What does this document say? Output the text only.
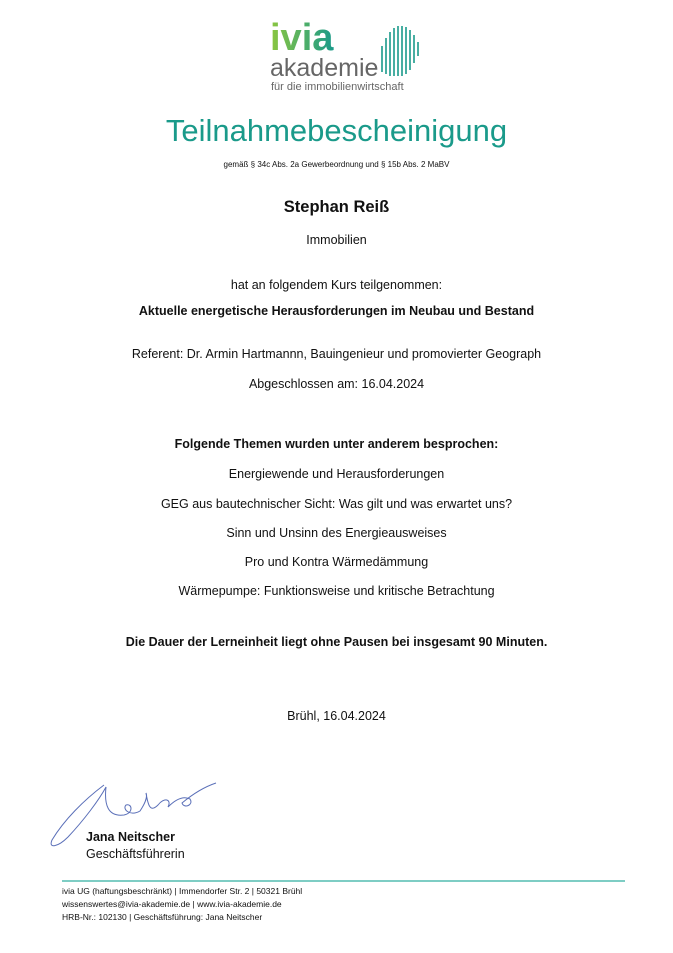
ivia
akademie
für die immobilienwirtschaft
Teilnahmebescheinigung
gemäß § 34c Abs. 2a Gewerbeordnung und § 15b Abs. 2 MaBV
Stephan Reiß
Immobilien
hat an folgendem Kurs teilgenommen:
Aktuelle energetische Herausforderungen im Neubau und Bestand
Referent: Dr. Armin Hartmannn, Bauingenieur und promovierter Geograph
Abgeschlossen am: 16.04.2024
Folgende Themen wurden unter anderem besprochen:
Energiewende und Herausforderungen
GEG aus bautechnischer Sicht: Was gilt und was erwartet uns?
Sinn und Unsinn des Energieausweises
Pro und Kontra Wärmedämmung
Wärmepumpe: Funktionsweise und kritische Betrachtung
Die Dauer der Lerneinheit liegt ohne Pausen bei insgesamt 90 Minuten.
Brühl, 16.04.2024
Jana Neitscher
Geschäftsführerin
ivia UG (haftungsbeschränkt) | Immendorfer Str. 2 | 50321 Brühl
wissenswertes@ivia-akademie.de | www.ivia-akademie.de
HRB-Nr.: 102130 | Geschäftsführung: Jana Neitscher
